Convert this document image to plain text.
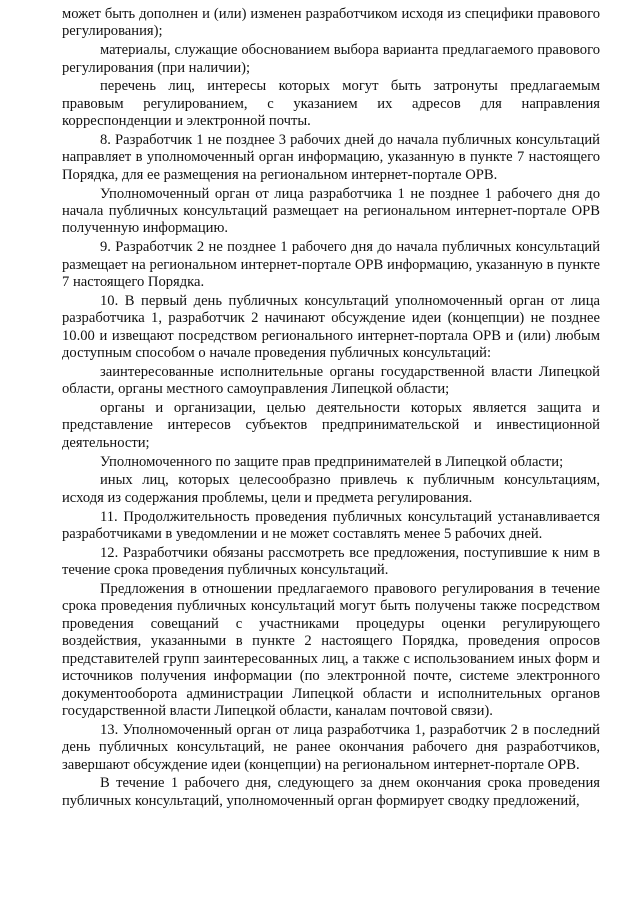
может быть дополнен и (или) изменен разработчиком исходя из специфики правового регулирования);

материалы, служащие обоснованием выбора варианта предлагаемого правового регулирования (при наличии);

перечень лиц, интересы которых могут быть затронуты предлагаемым правовым регулированием, с указанием их адресов для направления корреспонденции и электронной почты.

8. Разработчик 1 не позднее 3 рабочих дней до начала публичных консультаций направляет в уполномоченный орган информацию, указанную в пункте 7 настоящего Порядка, для ее размещения на региональном интернет-портале ОРВ.

Уполномоченный орган от лица разработчика 1 не позднее 1 рабочего дня до начала публичных консультаций размещает на региональном интернет-портале ОРВ полученную информацию.

9. Разработчик 2 не позднее 1 рабочего дня до начала публичных консультаций размещает на региональном интернет-портале ОРВ информацию, указанную в пункте 7 настоящего Порядка.

10. В первый день публичных консультаций уполномоченный орган от лица разработчика 1, разработчик 2 начинают обсуждение идеи (концепции) не позднее 10.00 и извещают посредством регионального интернет-портала ОРВ и (или) любым доступным способом о начале проведения публичных консультаций:

заинтересованные исполнительные органы государственной власти Липецкой области, органы местного самоуправления Липецкой области;

органы и организации, целью деятельности которых является защита и представление интересов субъектов предпринимательской и инвестиционной деятельности;

Уполномоченного по защите прав предпринимателей в Липецкой области;

иных лиц, которых целесообразно привлечь к публичным консультациям, исходя из содержания проблемы, цели и предмета регулирования.

11. Продолжительность проведения публичных консультаций устанавливается разработчиками в уведомлении и не может составлять менее 5 рабочих дней.

12. Разработчики обязаны рассмотреть все предложения, поступившие к ним в течение срока проведения публичных консультаций.

Предложения в отношении предлагаемого правового регулирования в течение срока проведения публичных консультаций могут быть получены также посредством проведения совещаний с участниками процедуры оценки регулирующего воздействия, указанными в пункте 2 настоящего Порядка, проведения опросов представителей групп заинтересованных лиц, а также с использованием иных форм и источников получения информации (по электронной почте, системе электронного документооборота администрации Липецкой области и исполнительных органов государственной власти Липецкой области, каналам почтовой связи).

13. Уполномоченный орган от лица разработчика 1, разработчик 2 в последний день публичных консультаций, не ранее окончания рабочего дня разработчиков, завершают обсуждение идеи (концепции) на региональном интернет-портале ОРВ.

В течение 1 рабочего дня, следующего за днем окончания срока проведения публичных консультаций, уполномоченный орган формирует сводку предложений,
